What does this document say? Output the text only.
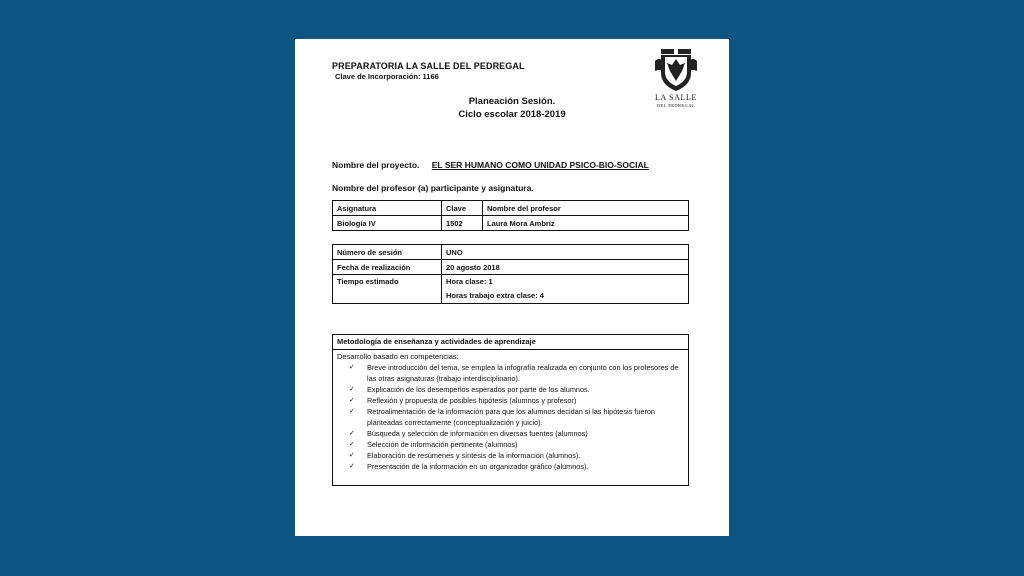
PREPARATORIA LA SALLE DEL PEDREGAL
Clave de Incorporación: 1166
LA SALLE
DEL PEDREGAL
Planeación Sesión.
Ciclo escolar 2018-2019
Nombre del proyecto. EL SER HUMANO COMO UNIDAD PSICO-BIO-SOCIAL
Nombre del profesor (a) participante y asignatura.
Asignatura	Clave	Nombre del profesor
Biología IV	1502	Laura Mora Ambriz
Número de sesión	UNO
Fecha de realización	20 agosto 2018
Tiempo estimado	Hora clase: 1
Horas trabajo extra clase: 4
Metodología de enseñanza y actividades de aprendizaje
Desarrollo basado en competencias:
✓ Breve introducción del tema, se emplea la infografía realizada en conjunto con los profesores de las otras asignaturas (trabajo interdisciplinario).
✓ Explicación de los desempeños esperados por parte de los alumnos.
✓ Reflexión y propuesta de posibles hipótesis (alumnos y profesor)
✓ Retroalimentación de la información para que los alumnos decidan si las hipótesis fueron planteadas correctamente (conceptualización y juicio).
✓ Búsqueda y selección de información en diversas fuentes (alumnos)
✓ Selección de información pertinente (alumnos)
✓ Elaboración de resúmenes y síntesis de la información (alumnos).
✓ Presentación de la información en un organizador gráfico (alumnos).
